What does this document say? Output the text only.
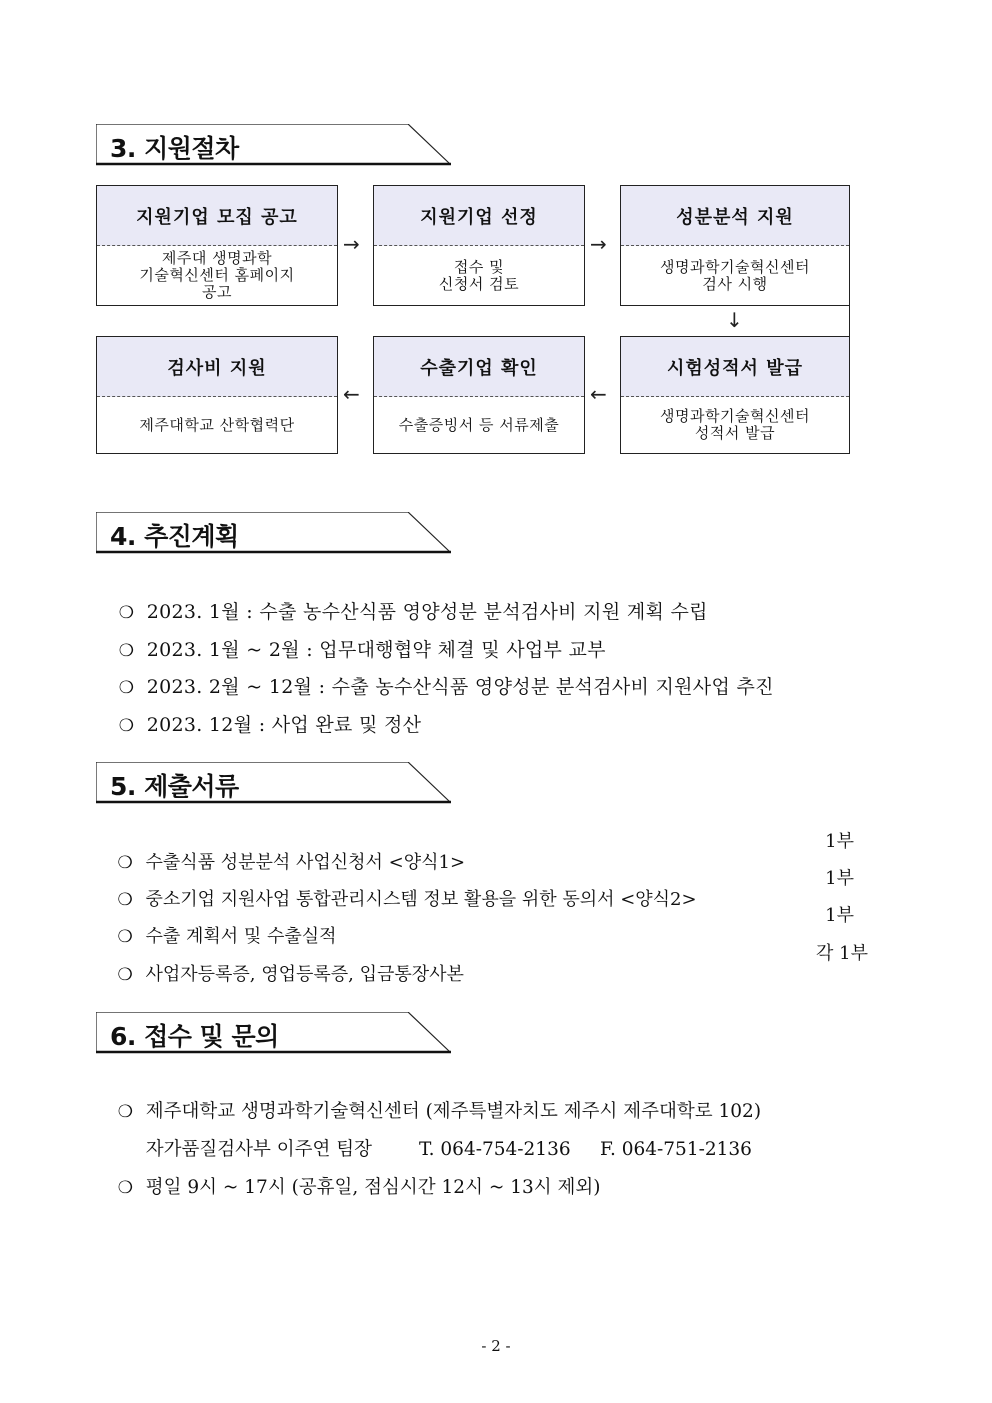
3. 지원절차
지원기업 모집 공고
제주대 생명과학
기술혁신센터 홈페이지
공고
→
지원기업 선정
접수 및
신청서 검토
→
성분분석 지원
생명과학기술혁신센터
검사 시행
↓
시험성적서 발급
생명과학기술혁신센터
성적서 발급
←
수출기업 확인
수출증빙서 등 서류제출
←
검사비 지원
제주대학교 산학협력단
4. 추진계획

❍ 2023. 1월 : 수출 농수산식품 영양성분 분석검사비 지원 계획 수립

❍ 2023. 1월 ~ 2월 : 업무대행협약 체결 및 사업부 교부

❍ 2023. 2월 ~ 12월 : 수출 농수산식품 영양성분 분석검사비 지원사업 추진

❍ 2023. 12월 : 사업 완료 및 정산

5. 제출서류

❍ 수출식품 성분분석 사업신청서 <양식1>

1부

❍ 중소기업 지원사업 통합관리시스템 정보 활용을 위한 동의서 <양식2>

1부

❍ 수출 계획서 및 수출실적

1부

❍ 사업자등록증, 영업등록증, 입금통장사본

각 1부

6. 접수 및 문의

❍ 제주대학교 생명과학기술혁신센터 (제주특별자치도 제주시 제주대학로 102)

자가품질검사부 이주연 팀장        T. 064-754-2136     F. 064-751-2136

❍ 평일 9시 ~ 17시 (공휴일, 점심시간 12시 ~ 13시 제외)

- 2 -
